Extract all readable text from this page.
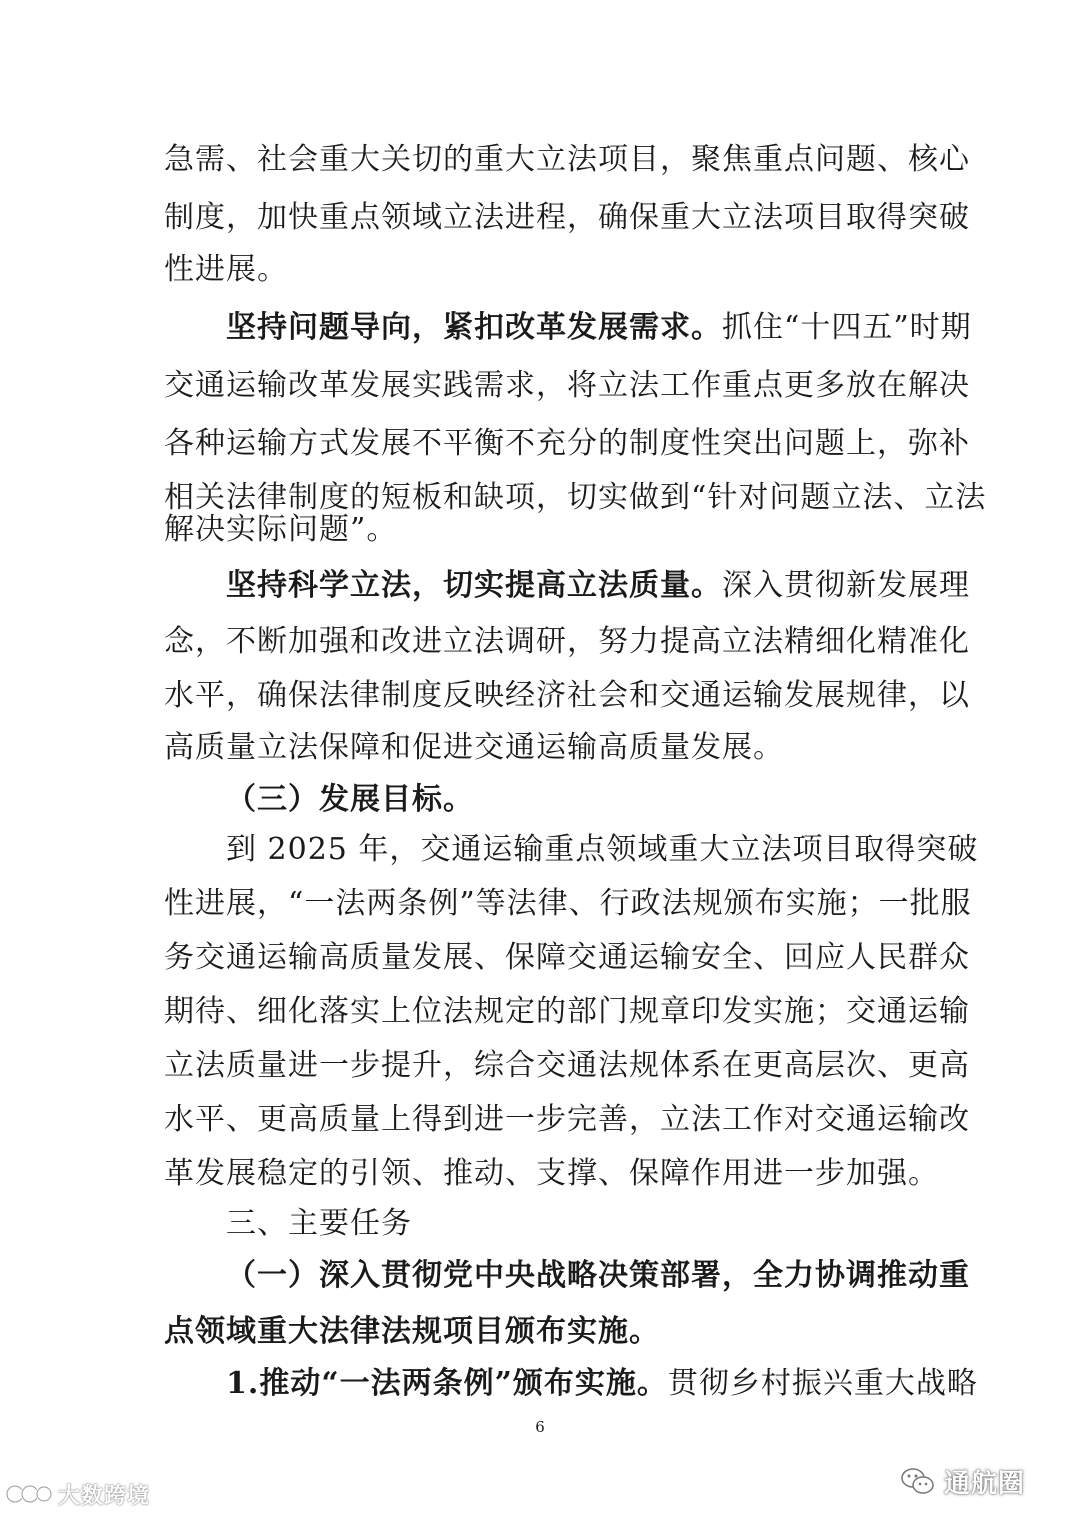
急需、社会重大关切的重大立法项目，聚焦重点问题、核心
制度，加快重点领域立法进程，确保重大立法项目取得突破
性进展。
坚持问题导向，紧扣改革发展需求。抓住“十四五”时期
交通运输改革发展实践需求，将立法工作重点更多放在解决
各种运输方式发展不平衡不充分的制度性突出问题上，弥补
相关法律制度的短板和缺项，切实做到“针对问题立法、立法
解决实际问题”。
坚持科学立法，切实提高立法质量。深入贯彻新发展理
念，不断加强和改进立法调研，努力提高立法精细化精准化
水平，确保法律制度反映经济社会和交通运输发展规律，以
高质量立法保障和促进交通运输高质量发展。
（三）发展目标。
到 2025 年，交通运输重点领域重大立法项目取得突破
性进展，“一法两条例”等法律、行政法规颁布实施；一批服
务交通运输高质量发展、保障交通运输安全、回应人民群众
期待、细化落实上位法规定的部门规章印发实施；交通运输
立法质量进一步提升，综合交通法规体系在更高层次、更高
水平、更高质量上得到进一步完善，立法工作对交通运输改
革发展稳定的引领、推动、支撑、保障作用进一步加强。
三、主要任务
（一）深入贯彻党中央战略决策部署，全力协调推动重
点领域重大法律法规项目颁布实施。
1.推动“一法两条例”颁布实施。贯彻乡村振兴重大战略
6
大数跨境	通航圈
